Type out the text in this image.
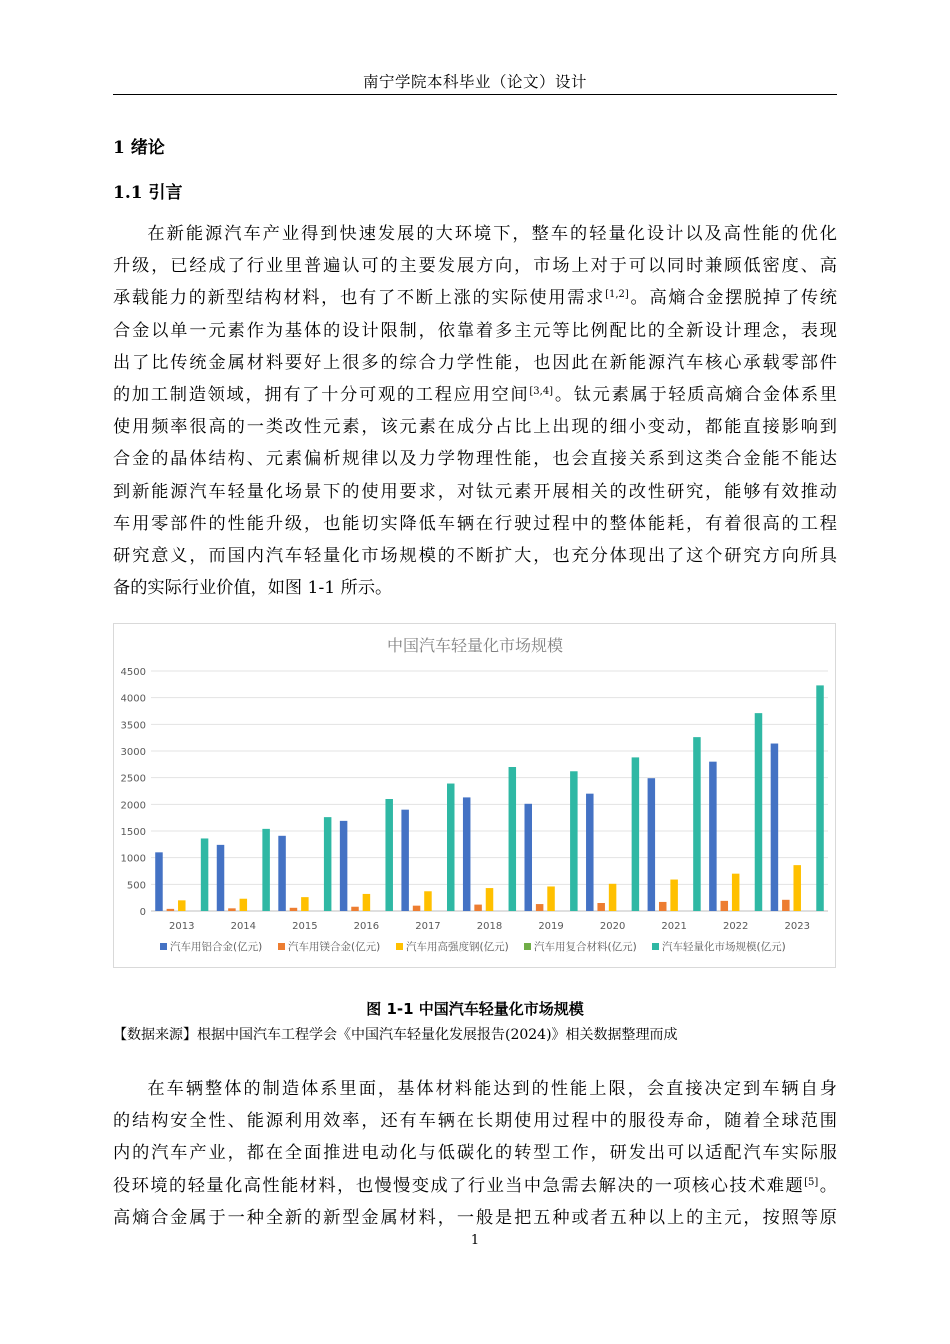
南宁学院本科毕业（论文）设计
1 绪论
1.1 引言
在新能源汽车产业得到快速发展的大环境下，整车的轻量化设计以及高性能的优化
升级，已经成了行业里普遍认可的主要发展方向，市场上对于可以同时兼顾低密度、高
承载能力的新型结构材料，也有了不断上涨的实际使用需求[1,2]。高熵合金摆脱掉了传统
合金以单一元素作为基体的设计限制，依靠着多主元等比例配比的全新设计理念，表现
出了比传统金属材料要好上很多的综合力学性能，也因此在新能源汽车核心承载零部件
的加工制造领域，拥有了十分可观的工程应用空间[3,4]。钛元素属于轻质高熵合金体系里
使用频率很高的一类改性元素，该元素在成分占比上出现的细小变动，都能直接影响到
合金的晶体结构、元素偏析规律以及力学物理性能，也会直接关系到这类合金能不能达
到新能源汽车轻量化场景下的使用要求，对钛元素开展相关的改性研究，能够有效推动
车用零部件的性能升级，也能切实降低车辆在行驶过程中的整体能耗，有着很高的工程
研究意义，而国内汽车轻量化市场规模的不断扩大，也充分体现出了这个研究方向所具
备的实际行业价值，如图 1-1 所示。
中国汽车轻量化市场规模
0
500
1000
1500
2000
2500
3000
3500
4000
4500
2013	2014	2015	2016	2017	2018	2019	2020	2021	2022	2023
汽车用铝合金(亿元) 汽车用镁合金(亿元) 汽车用高强度钢(亿元) 汽车用复合材料(亿元) 汽车轻量化市场规模(亿元)
图 1-1 中国汽车轻量化市场规模
【数据来源】根据中国汽车工程学会《中国汽车轻量化发展报告(2024)》相关数据整理而成
在车辆整体的制造体系里面，基体材料能达到的性能上限，会直接决定到车辆自身
的结构安全性、能源利用效率，还有车辆在长期使用过程中的服役寿命，随着全球范围
内的汽车产业，都在全面推进电动化与低碳化的转型工作，研发出可以适配汽车实际服
役环境的轻量化高性能材料，也慢慢变成了行业当中急需去解决的一项核心技术难题[5]。
高熵合金属于一种全新的新型金属材料，一般是把五种或者五种以上的主元，按照等原
1
